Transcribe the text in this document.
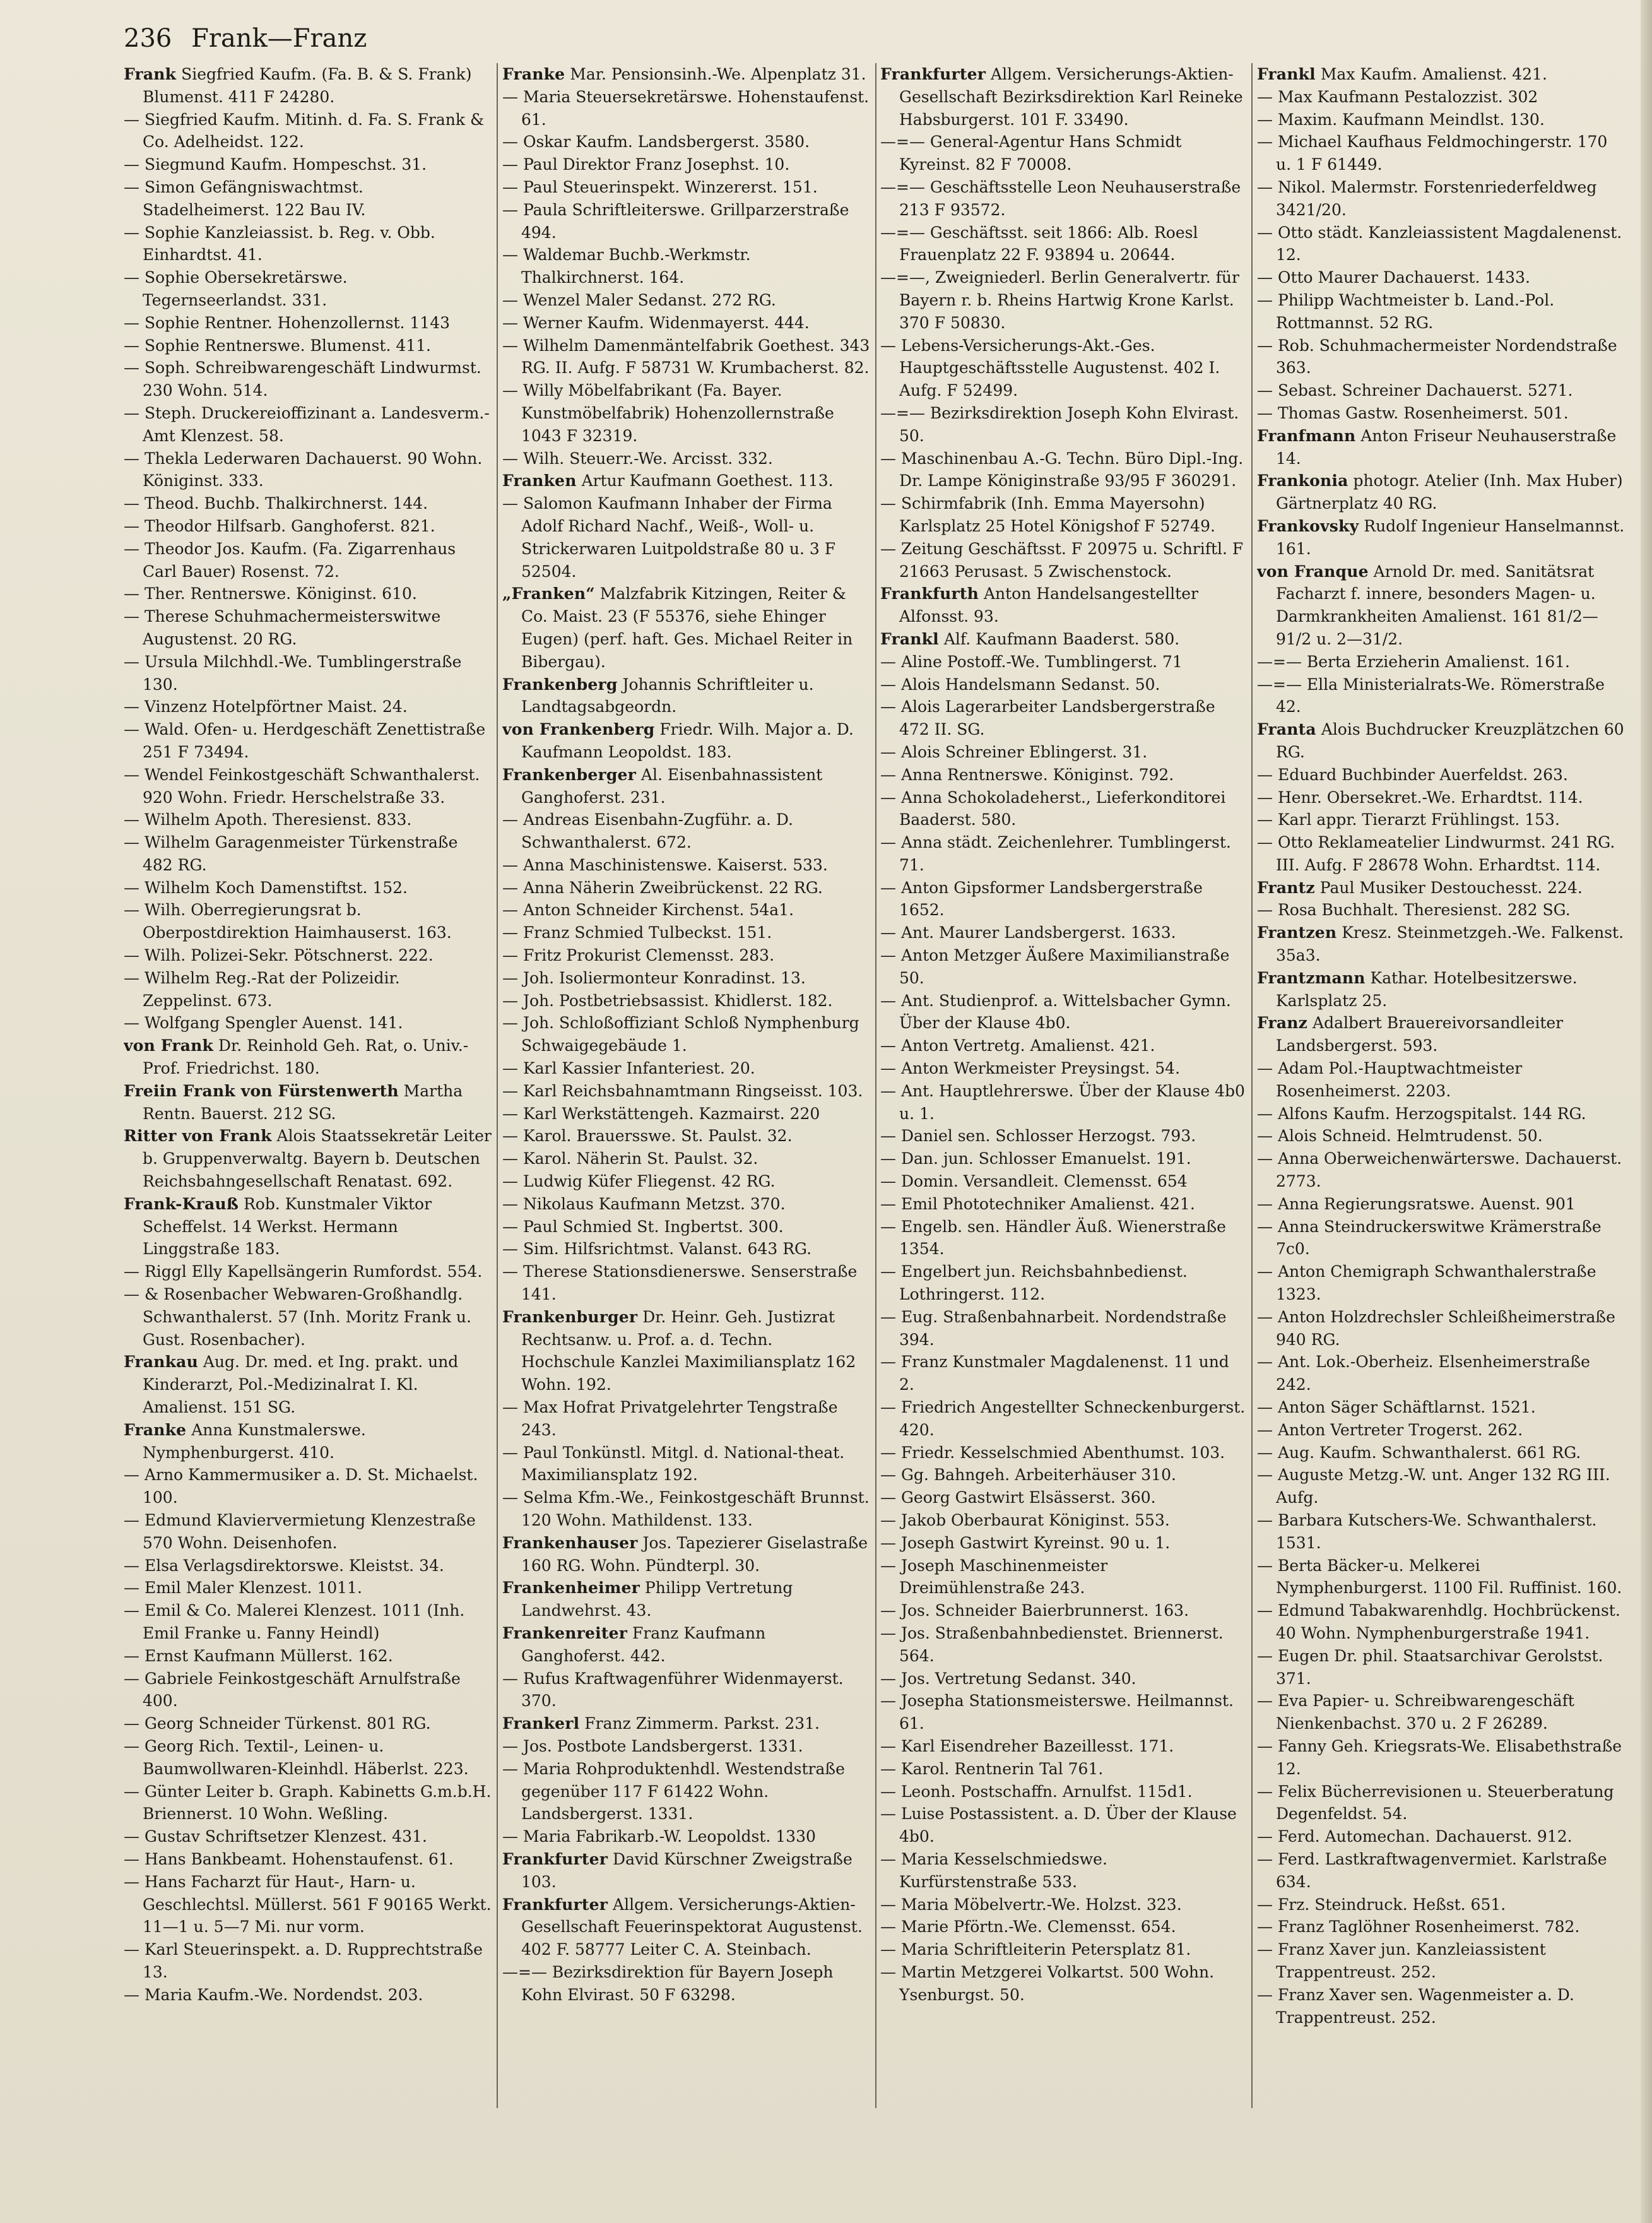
236 Frank—Franz

Frank Siegfried Kaufm. (Fa. B. & S. Frank) Blumenst. 411 F 24280.

— Siegfried Kaufm. Mitinh. d. Fa. S. Frank & Co. Adelheidst. 122.

— Siegmund Kaufm. Hompeschst. 31.

— Simon Gefängniswachtmst. Stadelheimerst. 122 Bau IV.

— Sophie Kanzleiassist. b. Reg. v. Obb. Einhardtst. 41.

— Sophie Obersekretärswe. Tegernseerlandst. 331.

— Sophie Rentner. Hohenzollernst. 1143

— Sophie Rentnerswe. Blumenst. 411.

— Soph. Schreibwarengeschäft Lindwurmst. 230 Wohn. 514.

— Steph. Druckereioffizinant a. Landesverm.-Amt Klenzest. 58.

— Thekla Lederwaren Dachauerst. 90 Wohn. Königinst. 333.

— Theod. Buchb. Thalkirchnerst. 144.

— Theodor Hilfsarb. Ganghoferst. 821.

— Theodor Jos. Kaufm. (Fa. Zigarrenhaus Carl Bauer) Rosenst. 72.

— Ther. Rentnerswe. Königinst. 610.

— Therese Schuhmachermeisterswitwe Augustenst. 20 RG.

— Ursula Milchhdl.-We. Tumblingerstraße 130.

— Vinzenz Hotelpförtner Maist. 24.

— Wald. Ofen- u. Herdgeschäft Zenettistraße 251 F 73494.

— Wendel Feinkostgeschäft Schwanthalerst. 920 Wohn. Friedr. Herschelstraße 33.

— Wilhelm Apoth. Theresienst. 833.

— Wilhelm Garagenmeister Türkenstraße 482 RG.

— Wilhelm Koch Damenstiftst. 152.

— Wilh. Oberregierungsrat b. Oberpostdirektion Haimhauserst. 163.

— Wilh. Polizei-Sekr. Pötschnerst. 222.

— Wilhelm Reg.-Rat der Polizeidir. Zeppelinst. 673.

— Wolfgang Spengler Auenst. 141.

von Frank Dr. Reinhold Geh. Rat, o. Univ.-Prof. Friedrichst. 180.

Freiin Frank von Fürstenwerth Martha Rentn. Bauerst. 212 SG.

Ritter von Frank Alois Staatssekretär Leiter b. Gruppenverwaltg. Bayern b. Deutschen Reichsbahngesellschaft Renatast. 692.

Frank-Krauß Rob. Kunstmaler Viktor Scheffelst. 14 Werkst. Hermann Linggstraße 183.

— Riggl Elly Kapellsängerin Rumfordst. 554.

— & Rosenbacher Webwaren-Großhandlg. Schwanthalerst. 57 (Inh. Moritz Frank u. Gust. Rosenbacher).

Frankau Aug. Dr. med. et Ing. prakt. und Kinderarzt, Pol.-Medizinalrat I. Kl. Amalienst. 151 SG.

Franke Anna Kunstmalerswe. Nymphenburgerst. 410.

— Arno Kammermusiker a. D. St. Michaelst. 100.

— Edmund Klaviervermietung Klenzestraße 570 Wohn. Deisenhofen.

— Elsa Verlagsdirektorswe. Kleistst. 34.

— Emil Maler Klenzest. 1011.

— Emil & Co. Malerei Klenzest. 1011 (Inh. Emil Franke u. Fanny Heindl)

— Ernst Kaufmann Müllerst. 162.

— Gabriele Feinkostgeschäft Arnulfstraße 400.

— Georg Schneider Türkenst. 801 RG.

— Georg Rich. Textil-, Leinen- u. Baumwollwaren-Kleinhdl. Häberlst. 223.

— Günter Leiter b. Graph. Kabinetts G.m.b.H. Briennerst. 10 Wohn. Weßling.

— Gustav Schriftsetzer Klenzest. 431.

— Hans Bankbeamt. Hohenstaufenst. 61.

— Hans Facharzt für Haut-, Harn- u. Geschlechtsl. Müllerst. 561 F 90165 Werkt. 11—1 u. 5—7 Mi. nur vorm.

— Karl Steuerinspekt. a. D. Rupprechtstraße 13.

— Maria Kaufm.-We. Nordendst. 203.

Franke Mar. Pensionsinh.-We. Alpenplatz 31.

— Maria Steuersekretärswe. Hohenstaufenst. 61.

— Oskar Kaufm. Landsbergerst. 3580.

— Paul Direktor Franz Josephst. 10.

— Paul Steuerinspekt. Winzererst. 151.

— Paula Schriftleiterswe. Grillparzerstraße 494.

— Waldemar Buchb.-Werkmstr. Thalkirchnerst. 164.

— Wenzel Maler Sedanst. 272 RG.

— Werner Kaufm. Widenmayerst. 444.

— Wilhelm Damenmäntelfabrik Goethest. 343 RG. II. Aufg. F 58731 W. Krumbacherst. 82.

— Willy Möbelfabrikant (Fa. Bayer. Kunstmöbelfabrik) Hohenzollernstraße 1043 F 32319.

— Wilh. Steuerr.-We. Arcisst. 332.

Franken Artur Kaufmann Goethest. 113.

— Salomon Kaufmann Inhaber der Firma Adolf Richard Nachf., Weiß-, Woll- u. Strickerwaren Luitpoldstraße 80 u. 3 F 52504.

„Franken“ Malzfabrik Kitzingen, Reiter & Co. Maist. 23 (F 55376, siehe Ehinger Eugen) (perf. haft. Ges. Michael Reiter in Bibergau).

Frankenberg Johannis Schriftleiter u. Landtagsabgeordn.

von Frankenberg Friedr. Wilh. Major a. D. Kaufmann Leopoldst. 183.

Frankenberger Al. Eisenbahnassistent Ganghoferst. 231.

— Andreas Eisenbahn-Zugführ. a. D. Schwanthalerst. 672.

— Anna Maschinistenswe. Kaiserst. 533.

— Anna Näherin Zweibrückenst. 22 RG.

— Anton Schneider Kirchenst. 54a1.

— Franz Schmied Tulbeckst. 151.

— Fritz Prokurist Clemensst. 283.

— Joh. Isoliermonteur Konradinst. 13.

— Joh. Postbetriebsassist. Khidlerst. 182.

— Joh. Schloßoffiziant Schloß Nymphenburg Schwaigegebäude 1.

— Karl Kassier Infanteriest. 20.

— Karl Reichsbahnamtmann Ringseisst. 103.

— Karl Werkstättengeh. Kazmairst. 220

— Karol. Brauersswe. St. Paulst. 32.

— Karol. Näherin St. Paulst. 32.

— Ludwig Küfer Fliegenst. 42 RG.

— Nikolaus Kaufmann Metzst. 370.

— Paul Schmied St. Ingbertst. 300.

— Sim. Hilfsrichtmst. Valanst. 643 RG.

— Therese Stationsdienerswe. Senserstraße 141.

Frankenburger Dr. Heinr. Geh. Justizrat Rechtsanw. u. Prof. a. d. Techn. Hochschule Kanzlei Maximiliansplatz 162 Wohn. 192.

— Max Hofrat Privatgelehrter Tengstraße 243.

— Paul Tonkünstl. Mitgl. d. National-theat. Maximiliansplatz 192.

— Selma Kfm.-We., Feinkostgeschäft Brunnst. 120 Wohn. Mathildenst. 133.

Frankenhauser Jos. Tapezierer Giselastraße 160 RG. Wohn. Pündterpl. 30.

Frankenheimer Philipp Vertretung Landwehrst. 43.

Frankenreiter Franz Kaufmann Ganghoferst. 442.

— Rufus Kraftwagenführer Widenmayerst. 370.

Frankerl Franz Zimmerm. Parkst. 231.

— Jos. Postbote Landsbergerst. 1331.

— Maria Rohproduktenhdl. Westendstraße gegenüber 117 F 61422 Wohn. Landsbergerst. 1331.

— Maria Fabrikarb.-W. Leopoldst. 1330

Frankfurter David Kürschner Zweigstraße 103.

Frankfurter Allgem. Versicherungs-Aktien-Gesellschaft Feuerinspektorat Augustenst. 402 F. 58777 Leiter C. A. Steinbach.

—=— Bezirksdirektion für Bayern Joseph Kohn Elvirast. 50 F 63298.

Frankfurter Allgem. Versicherungs-Aktien-Gesellschaft Bezirksdirektion Karl Reineke Habsburgerst. 101 F. 33490.

—=— General-Agentur Hans Schmidt Kyreinst. 82 F 70008.

—=— Geschäftsstelle Leon Neuhauserstraße 213 F 93572.

—=— Geschäftsst. seit 1866: Alb. Roesl Frauenplatz 22 F. 93894 u. 20644.

—=—, Zweigniederl. Berlin Generalvertr. für Bayern r. b. Rheins Hartwig Krone Karlst. 370 F 50830.

— Lebens-Versicherungs-Akt.-Ges. Hauptgeschäftsstelle Augustenst. 402 I. Aufg. F 52499.

—=— Bezirksdirektion Joseph Kohn Elvirast. 50.

— Maschinenbau A.-G. Techn. Büro Dipl.-Ing. Dr. Lampe Königinstraße 93/95 F 360291.

— Schirmfabrik (Inh. Emma Mayersohn) Karlsplatz 25 Hotel Königshof F 52749.

— Zeitung Geschäftsst. F 20975 u. Schriftl. F 21663 Perusast. 5 Zwischenstock.

Frankfurth Anton Handelsangestellter Alfonsst. 93.

Frankl Alf. Kaufmann Baaderst. 580.

— Aline Postoff.-We. Tumblingerst. 71

— Alois Handelsmann Sedanst. 50.

— Alois Lagerarbeiter Landsbergerstraße 472 II. SG.

— Alois Schreiner Eblingerst. 31.

— Anna Rentnerswe. Königinst. 792.

— Anna Schokoladeherst., Lieferkonditorei Baaderst. 580.

— Anna städt. Zeichenlehrer. Tumblingerst. 71.

— Anton Gipsformer Landsbergerstraße 1652.

— Ant. Maurer Landsbergerst. 1633.

— Anton Metzger Äußere Maximilianstraße 50.

— Ant. Studienprof. a. Wittelsbacher Gymn. Über der Klause 4b0.

— Anton Vertretg. Amalienst. 421.

— Anton Werkmeister Preysingst. 54.

— Ant. Hauptlehrerswe. Über der Klause 4b0 u. 1.

— Daniel sen. Schlosser Herzogst. 793.

— Dan. jun. Schlosser Emanuelst. 191.

— Domin. Versandleit. Clemensst. 654

— Emil Phototechniker Amalienst. 421.

— Engelb. sen. Händler Äuß. Wienerstraße 1354.

— Engelbert jun. Reichsbahnbedienst. Lothringerst. 112.

— Eug. Straßenbahnarbeit. Nordendstraße 394.

— Franz Kunstmaler Magdalenenst. 11 und 2.

— Friedrich Angestellter Schneckenburgerst. 420.

— Friedr. Kesselschmied Abenthumst. 103.

— Gg. Bahngeh. Arbeiterhäuser 310.

— Georg Gastwirt Elsässerst. 360.

— Jakob Oberbaurat Königinst. 553.

— Joseph Gastwirt Kyreinst. 90 u. 1.

— Joseph Maschinenmeister Dreimühlenstraße 243.

— Jos. Schneider Baierbrunnerst. 163.

— Jos. Straßenbahnbedienstet. Briennerst. 564.

— Jos. Vertretung Sedanst. 340.

— Josepha Stationsmeisterswe. Heilmannst. 61.

— Karl Eisendreher Bazeillesst. 171.

— Karol. Rentnerin Tal 761.

— Leonh. Postschaffn. Arnulfst. 115d1.

— Luise Postassistent. a. D. Über der Klause 4b0.

— Maria Kesselschmiedswe. Kurfürstenstraße 533.

— Maria Möbelvertr.-We. Holzst. 323.

— Marie Pförtn.-We. Clemensst. 654.

— Maria Schriftleiterin Petersplatz 81.

— Martin Metzgerei Volkartst. 500 Wohn. Ysenburgst. 50.

Frankl Max Kaufm. Amalienst. 421.

— Max Kaufmann Pestalozzist. 302

— Maxim. Kaufmann Meindlst. 130.

— Michael Kaufhaus Feldmochingerstr. 170 u. 1 F 61449.

— Nikol. Malermstr. Forstenriederfeldweg 3421/20.

— Otto städt. Kanzleiassistent Magdalenenst. 12.

— Otto Maurer Dachauerst. 1433.

— Philipp Wachtmeister b. Land.-Pol. Rottmannst. 52 RG.

— Rob. Schuhmachermeister Nordendstraße 363.

— Sebast. Schreiner Dachauerst. 5271.

— Thomas Gastw. Rosenheimerst. 501.

Franfmann Anton Friseur Neuhauserstraße 14.

Frankonia photogr. Atelier (Inh. Max Huber) Gärtnerplatz 40 RG.

Frankovsky Rudolf Ingenieur Hanselmannst. 161.

von Franque Arnold Dr. med. Sanitätsrat Facharzt f. innere, besonders Magen- u. Darmkrankheiten Amalienst. 161 81/2—91/2 u. 2—31/2.

—=— Berta Erzieherin Amalienst. 161.

—=— Ella Ministerialrats-We. Römerstraße 42.

Franta Alois Buchdrucker Kreuzplätzchen 60 RG.

— Eduard Buchbinder Auerfeldst. 263.

— Henr. Obersekret.-We. Erhardtst. 114.

— Karl appr. Tierarzt Frühlingst. 153.

— Otto Reklameatelier Lindwurmst. 241 RG. III. Aufg. F 28678 Wohn. Erhardtst. 114.

Frantz Paul Musiker Destouchesst. 224.

— Rosa Buchhalt. Theresienst. 282 SG.

Frantzen Kresz. Steinmetzgeh.-We. Falkenst. 35a3.

Frantzmann Kathar. Hotelbesitzerswe. Karlsplatz 25.

Franz Adalbert Brauereivorsandleiter Landsbergerst. 593.

— Adam Pol.-Hauptwachtmeister Rosenheimerst. 2203.

— Alfons Kaufm. Herzogspitalst. 144 RG.

— Alois Schneid. Helmtrudenst. 50.

— Anna Oberweichenwärterswe. Dachauerst. 2773.

— Anna Regierungsratswe. Auenst. 901

— Anna Steindruckerswitwe Krämerstraße 7c0.

— Anton Chemigraph Schwanthalerstraße 1323.

— Anton Holzdrechsler Schleißheimerstraße 940 RG.

— Ant. Lok.-Oberheiz. Elsenheimerstraße 242.

— Anton Säger Schäftlarnst. 1521.

— Anton Vertreter Trogerst. 262.

— Aug. Kaufm. Schwanthalerst. 661 RG.

— Auguste Metzg.-W. unt. Anger 132 RG III. Aufg.

— Barbara Kutschers-We. Schwanthalerst. 1531.

— Berta Bäcker-u. Melkerei Nymphenburgerst. 1100 Fil. Ruffinist. 160.

— Edmund Tabakwarenhdlg. Hochbrückenst. 40 Wohn. Nymphenburgerstraße 1941.

— Eugen Dr. phil. Staatsarchivar Gerolstst. 371.

— Eva Papier- u. Schreibwarengeschäft Nienkenbachst. 370 u. 2 F 26289.

— Fanny Geh. Kriegsrats-We. Elisabethstraße 12.

— Felix Bücherrevisionen u. Steuerberatung Degenfeldst. 54.

— Ferd. Automechan. Dachauerst. 912.

— Ferd. Lastkraftwagenvermiet. Karlstraße 634.

— Frz. Steindruck. Heßst. 651.

— Franz Taglöhner Rosenheimerst. 782.

— Franz Xaver jun. Kanzleiassistent Trappentreust. 252.

— Franz Xaver sen. Wagenmeister a. D. Trappentreust. 252.
